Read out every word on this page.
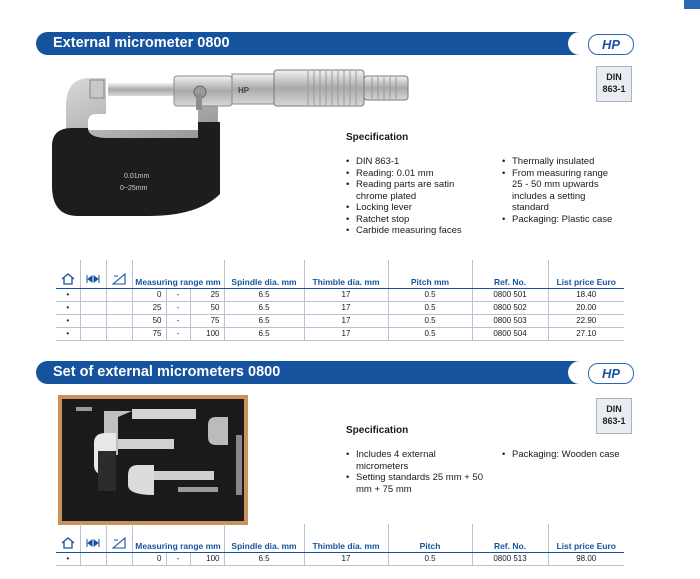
External micrometer 0800	HP
DIN
863-1
0.01mm
0~25mm
HP
Specification
• DIN 863-1
• Reading: 0.01 mm
• Reading parts are satin chrome plated
• Locking lever
• Ratchet stop
• Carbide measuring faces
• Thermally insulated
• From measuring range 25 - 50 mm upwards includes a setting standard
• Packaging: Plastic case
			Measuring range mm			Spindle dia. mm	Thimble dia. mm	Pitch mm	Ref. No.	List price Euro
•			0	-	25	6.5	17	0.5	0800 501	18.40
•			25	-	50	6.5	17	0.5	0800 502	20.00
•			50	-	75	6.5	17	0.5	0800 503	22.90
•			75	-	100	6.5	17	0.5	0800 504	27.10
Set of external micrometers 0800	HP
DIN
863-1
Specification
• Includes 4 external micrometers
• Setting standards 25 mm + 50 mm + 75 mm
• Packaging: Wooden case
			Measuring range mm			Spindle dia. mm	Thimble dia. mm	Pitch	Ref. No.	List price Euro
•			0	-	100	6.5	17	0.5	0800 513	98.00
